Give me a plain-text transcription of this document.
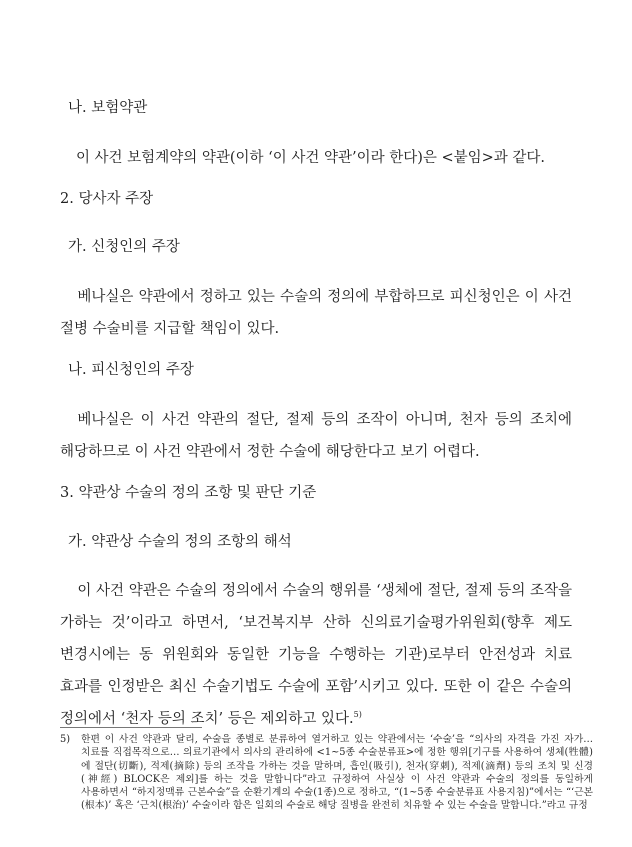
나. 보험약관

이 사건 보험계약의 약관(이하 ‘이 사건 약관’이라 한다)은 <붙임>과 같다.

2. 당사자 주장
가. 신청인의 주장

베나실은 약관에서 정하고 있는 수술의 정의에 부합하므로 피신청인은 이 사건 절병 수술비를 지급할 책임이 있다.

나. 피신청인의 주장

베나실은 이 사건 약관의 절단, 절제 등의 조작이 아니며, 천자 등의 조치에 해당하므로 이 사건 약관에서 정한 수술에 해당한다고 보기 어렵다.

3. 약관상 수술의 정의 조항 및 판단 기준
가. 약관상 수술의 정의 조항의 해석

이 사건 약관은 수술의 정의에서 수술의 행위를 ‘생체에 절단, 절제 등의 조작을 가하는 것’이라고 하면서, ‘보건복지부 산하 신의료기술평가위원회(향후 제도 변경시에는 동 위원회와 동일한 기능을 수행하는 기관)로부터 안전성과 치료 효과를 인정받은 최신 수술기법도 수술에 포함’시키고 있다. 또한 이 같은 수술의 정의에서 ‘천자 등의 조치’ 등은 제외하고 있다.$^{5)}$

5) 한편 이 사건 약관과 달리, 수술을 종별로 분류하여 열거하고 있는 약관에서는 ‘수술’을 “의사의 자격을 가진 자가… 치료를 직접목적으로… 의료기관에서 의사의 관리하에 <1~5종 수술분류표>에 정한 행위[기구를 사용하여 생체(牲體)에 절단(切斷), 적제(摘除) 등의 조작을 가하는 것을 말하며, 흡인(吸引), 천자(穿刺), 적제(滴劑) 등의 조치 및 신경(神經) BLOCK은 제외]를 하는 것을 말합니다”라고 규정하여 사실상 이 사건 약관과 수술의 정의를 동일하게 사용하면서 “하지정맥류 근본수술”을 순환기계의 수술(1종)으로 정하고, “(1~5종 수술분류표 사용지침)”에서는 “‘근본(根本)’ 혹은 ‘근치(根治)’ 수술이라 함은 일회의 수술로 해당 질병을 완전히 치유할 수 있는 수술을 말합니다.”라고 규정
